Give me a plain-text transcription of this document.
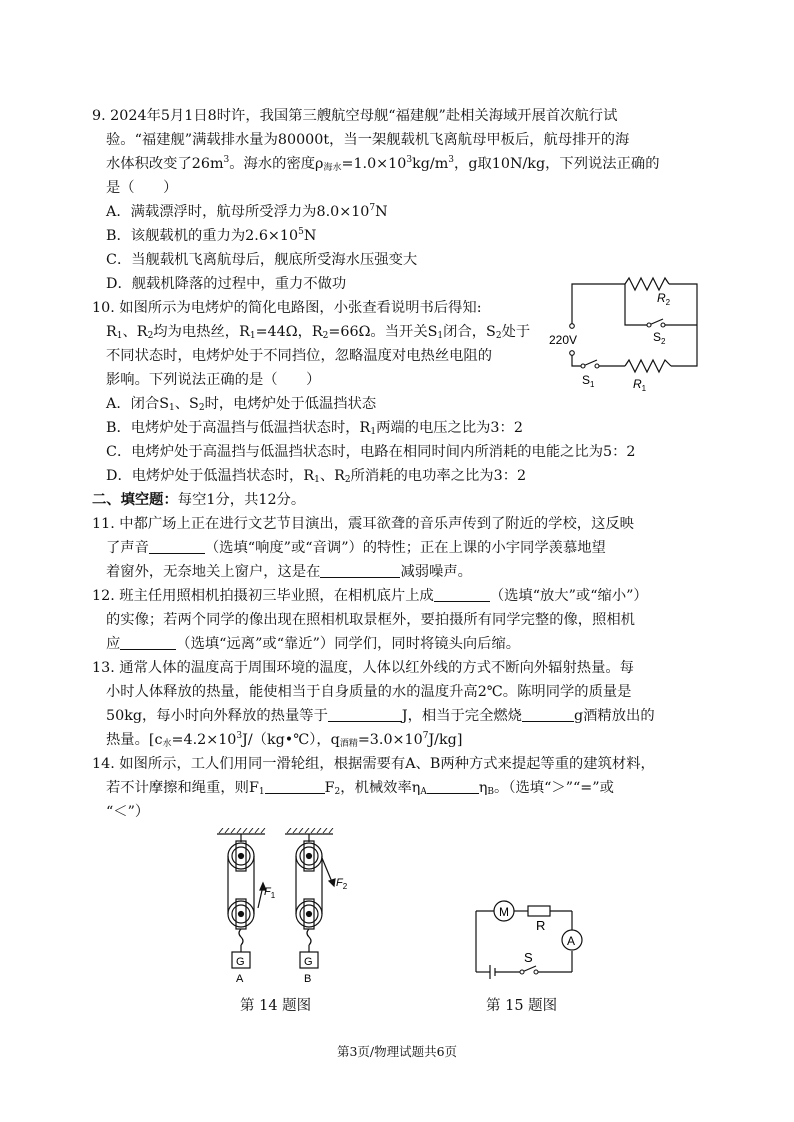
9. 2024年5月1日8时许，我国第三艘航空母舰“福建舰”赴相关海域开展首次航行试
验。“福建舰”满载排水量为80000t，当一架舰载机飞离航母甲板后，航母排开的海
水体积改变了$26m^3$。海水的密度$\rho_{海水}=1.0\times 10^3kg/m^3$，g取10N/kg，下列说法正确的
是（　　）
A．满载漂浮时，航母所受浮力为$8.0\times 10^7N$
B．该舰载机的重力为$2.6\times 10^5N$
C．当舰载机飞离航母后，舰底所受海水压强变大
D．舰载机降落的过程中，重力不做功
10. 如图所示为电烤炉的简化电路图，小张查看说明书后得知:
$R_1$、$R_2$均为电热丝，$R_1=44\Omega$，$R_2=66\Omega$。当开关$S_1$闭合，$S_2$处于
不同状态时，电烤炉处于不同挡位，忽略温度对电热丝电阻的
影响。下列说法正确的是（　　）
A．闭合$S_1$、$S_2$时，电烤炉处于低温挡状态
B．电烤炉处于高温挡与低温挡状态时，$R_1$两端的电压之比为3：2
C．电烤炉处于高温挡与低温挡状态时，电路在相同时间内所消耗的电能之比为5：2
D．电烤炉处于低温挡状态时，$R_1$、$R_2$所消耗的电功率之比为3：2
220V
$R_2$
$S_2$
$S_1$	$R_1$
二、填空题：每空1分，共12分。
11. 中都广场上正在进行文艺节目演出，震耳欲聋的音乐声传到了附近的学校，这反映
了声音	（选填“响度”或“音调”）的特性；正在上课的小宇同学羡慕地望
着窗外，无奈地关上窗户，这是在	减弱噪声。
12. 班主任用照相机拍摄初三毕业照，在相机底片上成	（选填“放大”或“缩小”）
的实像；若两个同学的像出现在照相机取景框外，要拍摄所有同学完整的像，照相机
应	（选填“远离”或“靠近”）同学们，同时将镜头向后缩。
13. 通常人体的温度高于周围环境的温度，人体以红外线的方式不断向外辐射热量。每
小时人体释放的热量，能使相当于自身质量的水的温度升高2℃。陈明同学的质量是
50kg，每小时向外释放的热量等于	J，相当于完全燃烧	g酒精放出的
热量。[$c_水=4.2\times 10^3J/(kg•℃)$，$q_{酒精}=3.0\times 10^7J/kg$]
14. 如图所示，工人们用同一滑轮组，根据需要有A、B两种方式来提起等重的建筑材料，
若不计摩擦和绳重，则$F_1$	$F_2$，机械效率$\eta_A$	$\eta_B$。（选填“＞”“=”或
“＜”）
G	G
A	B
$F_1$
$F_2$
M
R
A
S
第 14 题图	第 15 题图
第3页/物理试题共6页
